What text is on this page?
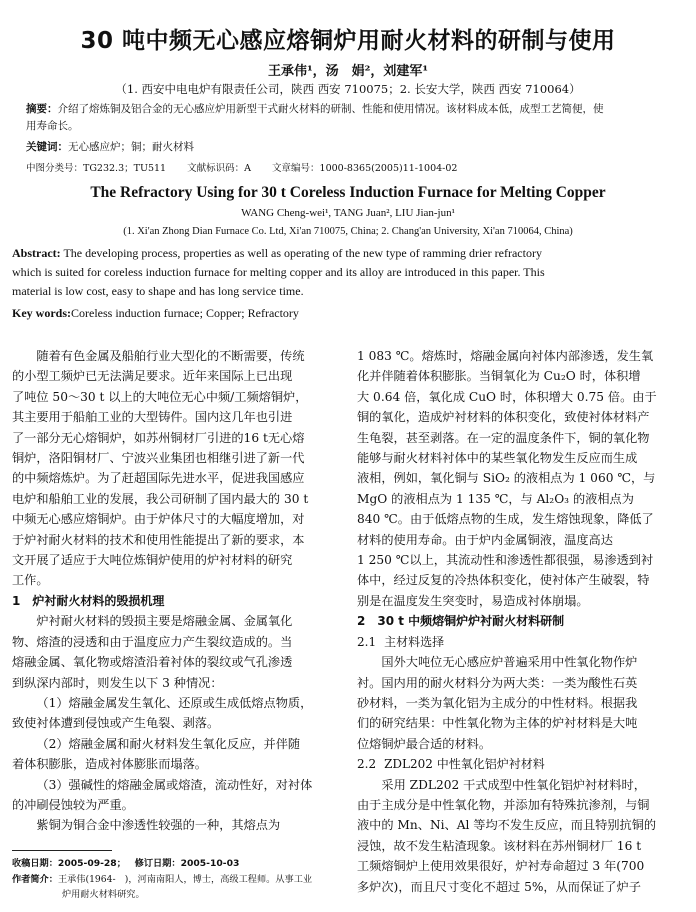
30 吨中频无心感应熔铜炉用耐火材料的研制与使用
王承伟¹，汤　娟²，刘建军¹
（1. 西安中电电炉有限责任公司，陕西 西安 710075；2. 长安大学，陕西 西安 710064）
摘要：介绍了熔炼铜及铝合金的无心感应炉用新型干式耐火材料的研制、性能和使用情况。该材料成本低，成型工艺简便，使
用寿命长。
关键词：无心感应炉；铜；耐火材料
中图分类号：TG232.3；TU511 文献标识码：A 文章编号：1000-8365(2005)11-1004-02
The Refractory Using for 30 t Coreless Induction Furnace for Melting Copper
WANG Cheng-wei¹, TANG Juan², LIU Jian-jun¹
(1. Xi'an Zhong Dian Furnace Co. Ltd, Xi'an 710075, China; 2. Chang'an University, Xi'an 710064, China)
Abstract: The developing process, properties as well as operating of the new type of ramming drier refractory
which is suited for coreless induction furnace for melting copper and its alloy are introduced in this paper. This
material is low cost, easy to shape and has long service time.
Key words:Coreless induction furnace; Copper; Refractory

随着有色金属及船舶行业大型化的不断需要，传统

的小型工频炉已无法满足要求。近年来国际上已出现

了吨位 50～30 t 以上的大吨位无心中频/工频熔铜炉，

其主要用于船舶工业的大型铸件。国内这几年也引进

了一部分无心熔铜炉，如苏州铜材厂引进的16 t无心熔

铜炉，洛阳铜材厂、宁波兴业集团也相继引进了新一代

的中频熔炼炉。为了赶超国际先进水平，促进我国感应

电炉和船舶工业的发展，我公司研制了国内最大的 30 t

中频无心感应熔铜炉。由于炉体尺寸的大幅度增加，对

于炉衬耐火材料的技术和使用性能提出了新的要求，本

文开展了适应于大吨位炼铜炉使用的炉衬材料的研究

工作。

1　炉衬耐火材料的毁损机理

炉衬耐火材料的毁损主要是熔融金属、金属氧化

物、熔渣的浸透和由于温度应力产生裂纹造成的。当

熔融金属、氧化物或熔渣沿着衬体的裂纹或气孔渗透

到纵深内部时，则发生以下 3 种情况：

（1）熔融金属发生氧化、还原或生成低熔点物质，

致使衬体遭到侵蚀或产生龟裂、剥落。

（2）熔融金属和耐火材料发生氧化反应，并伴随

着体积膨胀，造成衬体膨胀而塌落。

（3）强碱性的熔融金属或熔渣，流动性好，对衬体

的冲刷侵蚀较为严重。

紫铜为铜合金中渗透性较强的一种，其熔点为

收稿日期：2005-09-28； 修订日期：2005-10-03
作者简介：王承伟(1964-　)，河南南阳人，博士，高级工程师。从事工业
炉用耐火材料研究。

1 083 ℃。熔炼时，熔融金属向衬体内部渗透，发生氧

化并伴随着体积膨胀。当铜氧化为 Cu₂O 时，体积增

大 0.64 倍，氧化成 CuO 时，体积增大 0.75 倍。由于

铜的氧化，造成炉衬材料的体积变化，致使衬体材料产

生龟裂，甚至剥落。在一定的温度条件下，铜的氧化物

能够与耐火材料衬体中的某些氧化物发生反应而生成

液相，例如，氧化铜与 SiO₂ 的液相点为 1 060 ℃，与

MgO 的液相点为 1 135 ℃，与 Al₂O₃ 的液相点为

840 ℃。由于低熔点物的生成，发生熔蚀现象，降低了

材料的使用寿命。由于炉内金属铜液，温度高达

1 250 ℃以上，其流动性和渗透性都很强，易渗透到衬

体中，经过反复的冷热体积变化，使衬体产生破裂，特

别是在温度发生突变时，易造成衬体崩塌。

2　30 t 中频熔铜炉炉衬耐火材料研制
2.1 主材料选择

国外大吨位无心感应炉普遍采用中性氧化物作炉

衬。国内用的耐火材料分为两大类：一类为酸性石英

砂材料，一类为氧化铝为主成分的中性材料。根据我

们的研究结果：中性氧化物为主体的炉衬材料是大吨

位熔铜炉最合适的材料。

2.2 ZDL202 中性氧化铝炉衬材料

采用 ZDL202 干式成型中性氧化铝炉衬材料时，

由于主成分是中性氧化物，并添加有特殊抗渗剂，与铜

液中的 Mn、Ni、Al 等均不发生反应，而且特别抗铜的

浸蚀，故不发生粘渣现象。该材料在苏州铜材厂 16 t

工频熔铜炉上使用效果很好，炉衬寿命超过 3 年(700

多炉次)，而且尺寸变化不超过 5%，从而保证了炉子
